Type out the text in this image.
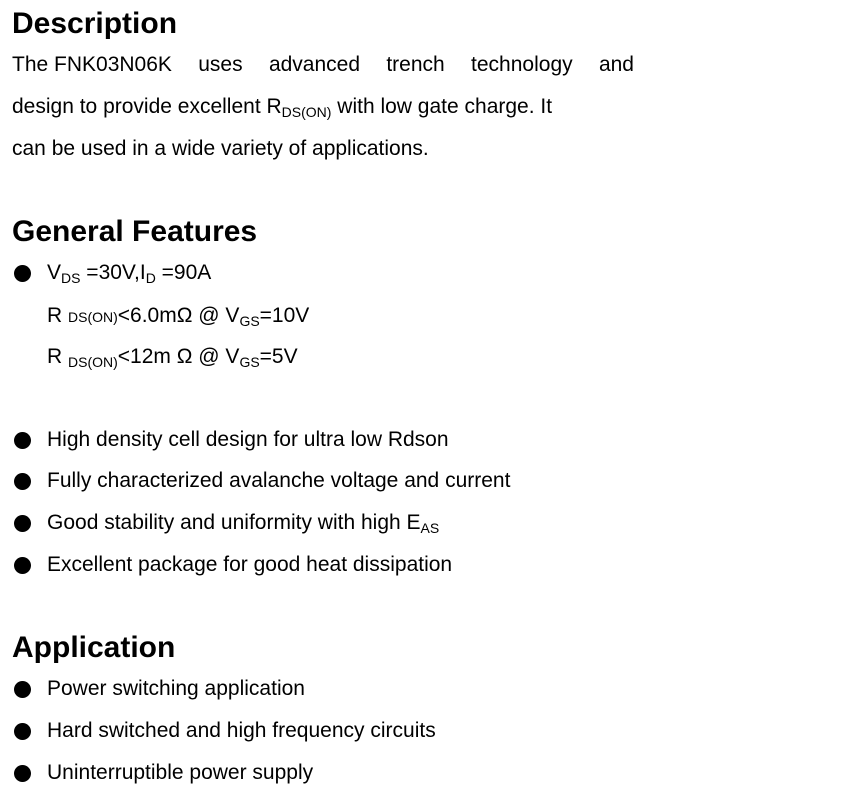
Description
The FNK03N06K uses advanced trench technology and
design to provide excellent $R_{DS(ON)}$ with low gate charge. It
can be used in a wide variety of applications.
General Features
$V_{DS} =30V,I_D =90A$
R DS(ON)<6.0mΩ @ $V_{GS}=10V$
R $_{DS(ON)}$<12m Ω @ $V_{GS}=5V$
High density cell design for ultra low Rdson
Fully characterized avalanche voltage and current
Good stability and uniformity with high $E_{AS}$
Excellent package for good heat dissipation
Application
Power switching application
Hard switched and high frequency circuits
Uninterruptible power supply
